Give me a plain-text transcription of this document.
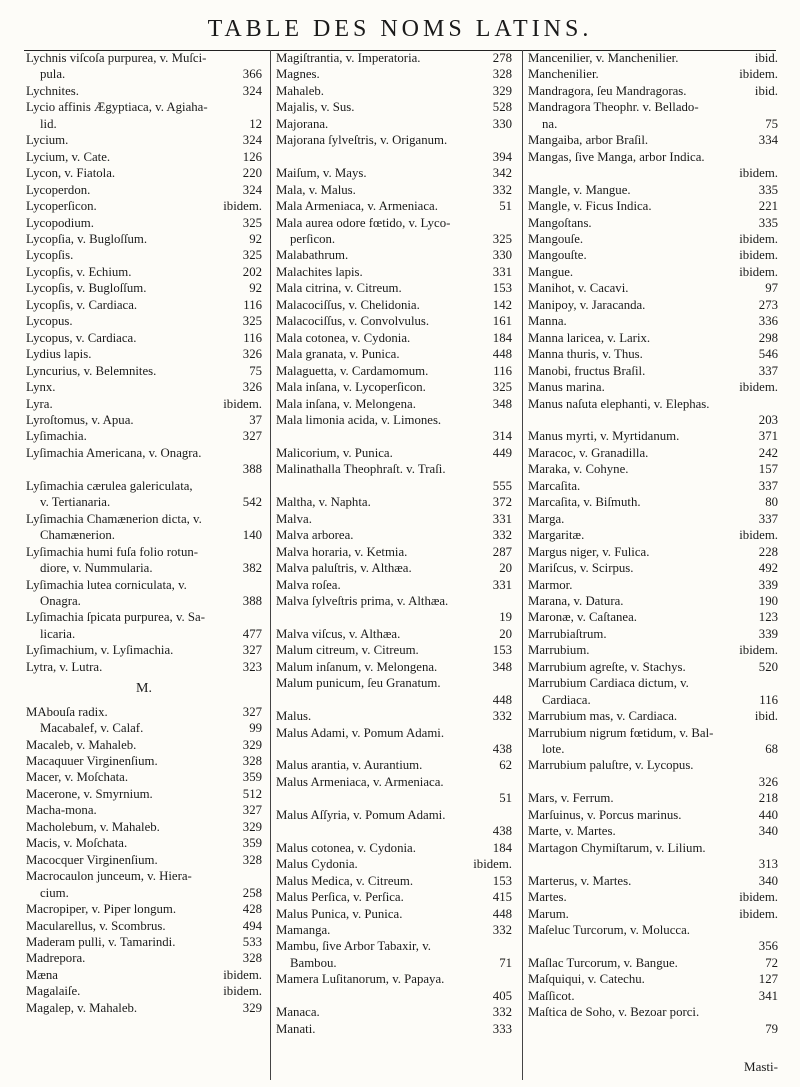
TABLE DES NOMS LATINS.
Lychnis viſcoſa purpurea, v. Muſci-
pula.	366
Lychnites.	324
Lycio affinis Ægyptiaca, v. Agiaha-
lid.	12
Lycium.	324
Lycium, v. Cate.	126
Lycon, v. Fiatola.	220
Lycoperdon.	324
Lycoperſicon.	ibidem.
Lycopodium.	325
Lycopſia, v. Bugloſſum.	92
Lycopſis.	325
Lycopſis, v. Echium.	202
Lycopſis, v. Bugloſſum.	92
Lycopſis, v. Cardiaca.	116
Lycopus.	325
Lycopus, v. Cardiaca.	116
Lydius lapis.	326
Lyncurius, v. Belemnites.	75
Lynx.	326
Lyra.	ibidem.
Lyroſtomus, v. Apua.	37
Lyſimachia.	327
Lyſimachia Americana, v. Onagra.
388
Lyſimachia cærulea galericulata,
v. Tertianaria.	542
Lyſimachia Chamænerion dicta, v.
Chamænerion.	140
Lyſimachia humi fuſa folio rotun-
diore, v. Nummularia.	382
Lyſimachia lutea corniculata, v.
Onagra.	388
Lyſimachia ſpicata purpurea, v. Sa-
licaria.	477
Lyſimachium, v. Lyſimachia.	327
Lytra, v. Lutra.	323
M.
MAbouſa radix.	327
Macabalef, v. Calaf.	99
Macaleb, v. Mahaleb.	329
Macaquuer Virginenſium.	328
Macer, v. Moſchata.	359
Macerone, v. Smyrnium.	512
Macha-mona.	327
Macholebum, v. Mahaleb.	329
Macis, v. Moſchata.	359
Macocquer Virginenſium.	328
Macrocaulon junceum, v. Hiera-
cium.	258
Macropiper, v. Piper longum.	428
Macularellus, v. Scombrus.	494
Maderam pulli, v. Tamarindi.	533
Madrepora.	328
Mæna	ibidem.
Magalaiſe.	ibidem.
Magalep, v. Mahaleb.	329
Magiſtrantia, v. Imperatoria.	278
Magnes.	328
Mahaleb.	329
Majalis, v. Sus.	528
Majorana.	330
Majorana ſylveſtris, v. Origanum.
394
Maiſum, v. Mays.	342
Mala, v. Malus.	332
Mala Armeniaca, v. Armeniaca.	51
Mala aurea odore fœtido, v. Lyco-
perſicon.	325
Malabathrum.	330
Malachites lapis.	331
Mala citrina, v. Citreum.	153
Malacociſſus, v. Chelidonia.	142
Malacociſſus, v. Convolvulus.	161
Mala cotonea, v. Cydonia.	184
Mala granata, v. Punica.	448
Malaguetta, v. Cardamomum.	116
Mala inſana, v. Lycoperſicon.	325
Mala inſana, v. Melongena.	348
Mala limonia acida, v. Limones.
314
Malicorium, v. Punica.	449
Malinathalla Theophraſt. v. Traſi.
555
Maltha, v. Naphta.	372
Malva.	331
Malva arborea.	332
Malva horaria, v. Ketmia.	287
Malva paluſtris, v. Althæa.	20
Malva roſea.	331
Malva ſylveſtris prima, v. Althæa.
19
Malva viſcus, v. Althæa.	20
Malum citreum, v. Citreum.	153
Malum inſanum, v. Melongena.	348
Malum punicum, ſeu Granatum.
448
Malus.	332
Malus Adami, v. Pomum Adami.
438
Malus arantia, v. Aurantium.	62
Malus Armeniaca, v. Armeniaca.
51
Malus Aſſyria, v. Pomum Adami.
438
Malus cotonea, v. Cydonia.	184
Malus Cydonia.	ibidem.
Malus Medica, v. Citreum.	153
Malus Perſica, v. Perſica.	415
Malus Punica, v. Punica.	448
Mamanga.	332
Mambu, ſive Arbor Tabaxir, v.
Bambou.	71
Mamera Luſitanorum, v. Papaya.
405
Manaca.	332
Manati.	333
Mancenilier, v. Manchenilier.	ibid.
Manchenilier.	ibidem.
Mandragora, ſeu Mandragoras.	ibid.
Mandragora Theophr. v. Bellado-
na.	75
Mangaiba, arbor Braſil.	334
Mangas, ſive Manga, arbor Indica.
ibidem.
Mangle, v. Mangue.	335
Mangle, v. Ficus Indica.	221
Mangoſtans.	335
Mangouſe.	ibidem.
Mangouſte.	ibidem.
Mangue.	ibidem.
Manihot, v. Cacavi.	97
Manipoy, v. Jaracanda.	273
Manna.	336
Manna laricea, v. Larix.	298
Manna thuris, v. Thus.	546
Manobi, fructus Braſil.	337
Manus marina.	ibidem.
Manus naſuta elephanti, v. Elephas.
203
Manus myrti, v. Myrtidanum.	371
Maracoc, v. Granadilla.	242
Maraka, v. Cohyne.	157
Marcaſita.	337
Marcaſita, v. Biſmuth.	80
Marga.	337
Margaritæ.	ibidem.
Margus niger, v. Fulica.	228
Mariſcus, v. Scirpus.	492
Marmor.	339
Marana, v. Datura.	190
Maronæ, v. Caſtanea.	123
Marrubiaſtrum.	339
Marrubium.	ibidem.
Marrubium agreſte, v. Stachys.	520
Marrubium Cardiaca dictum, v.
Cardiaca.	116
Marrubium mas, v. Cardiaca.	ibid.
Marrubium nigrum fœtidum, v. Bal-
lote.	68
Marrubium paluſtre, v. Lycopus.
326
Mars, v. Ferrum.	218
Marſuinus, v. Porcus marinus.	440
Marte, v. Martes.	340
Martagon Chymiſtarum, v. Lilium.
313
Marterus, v. Martes.	340
Martes.	ibidem.
Marum.	ibidem.
Maſeluc Turcorum, v. Molucca.
356
Maſlac Turcorum, v. Bangue.	72
Maſquiqui, v. Catechu.	127
Maſſicot.	341
Maſtica de Soho, v. Bezoar porci.
79
Masti-
